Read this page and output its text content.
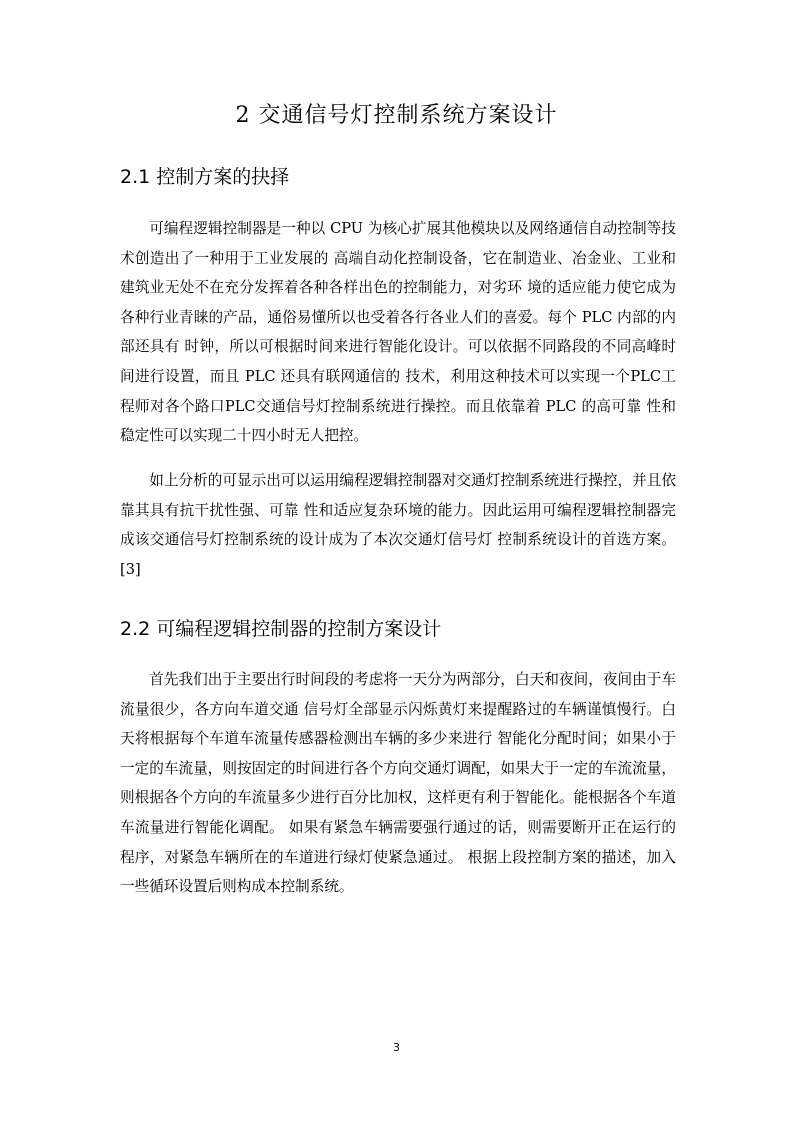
2 交通信号灯控制系统方案设计
2.1 控制方案的抉择

可编程逻辑控制器是一种以 CPU 为核心扩展其他模块以及网络通信自动控制等技术创造出了一种用于工业发展的 高端自动化控制设备，它在制造业、冶金业、工业和建筑业无处不在充分发挥着各种各样出色的控制能力，对劣环 境的适应能力使它成为各种行业青睐的产品，通俗易懂所以也受着各行各业人们的喜爱。每个 PLC 内部的内部还具有 时钟，所以可根据时间来进行智能化设计。可以依据不同路段的不同高峰时间进行设置，而且 PLC 还具有联网通信的 技术，利用这种技术可以实现一个PLC工程师对各个路口PLC交通信号灯控制系统进行操控。而且依靠着 PLC 的高可靠 性和稳定性可以实现二十四小时无人把控。

如上分析的可显示出可以运用编程逻辑控制器对交通灯控制系统进行操控，并且依靠其具有抗干扰性强、可靠 性和适应复杂环境的能力。因此运用可编程逻辑控制器完成该交通信号灯控制系统的设计成为了本次交通灯信号灯 控制系统设计的首选方案。[3]

2.2 可编程逻辑控制器的控制方案设计

首先我们出于主要出行时间段的考虑将一天分为两部分，白天和夜间，夜间由于车流量很少，各方向车道交通 信号灯全部显示闪烁黄灯来提醒路过的车辆谨慎慢行。白天将根据每个车道车流量传感器检测出车辆的多少来进行 智能化分配时间；如果小于一定的车流量，则按固定的时间进行各个方向交通灯调配，如果大于一定的车流流量， 则根据各个方向的车流量多少进行百分比加权，这样更有利于智能化。能根据各个车道车流量进行智能化调配。 如果有紧急车辆需要强行通过的话，则需要断开正在运行的程序，对紧急车辆所在的车道进行绿灯使紧急通过。 根据上段控制方案的描述，加入一些循环设置后则构成本控制系统。

3
